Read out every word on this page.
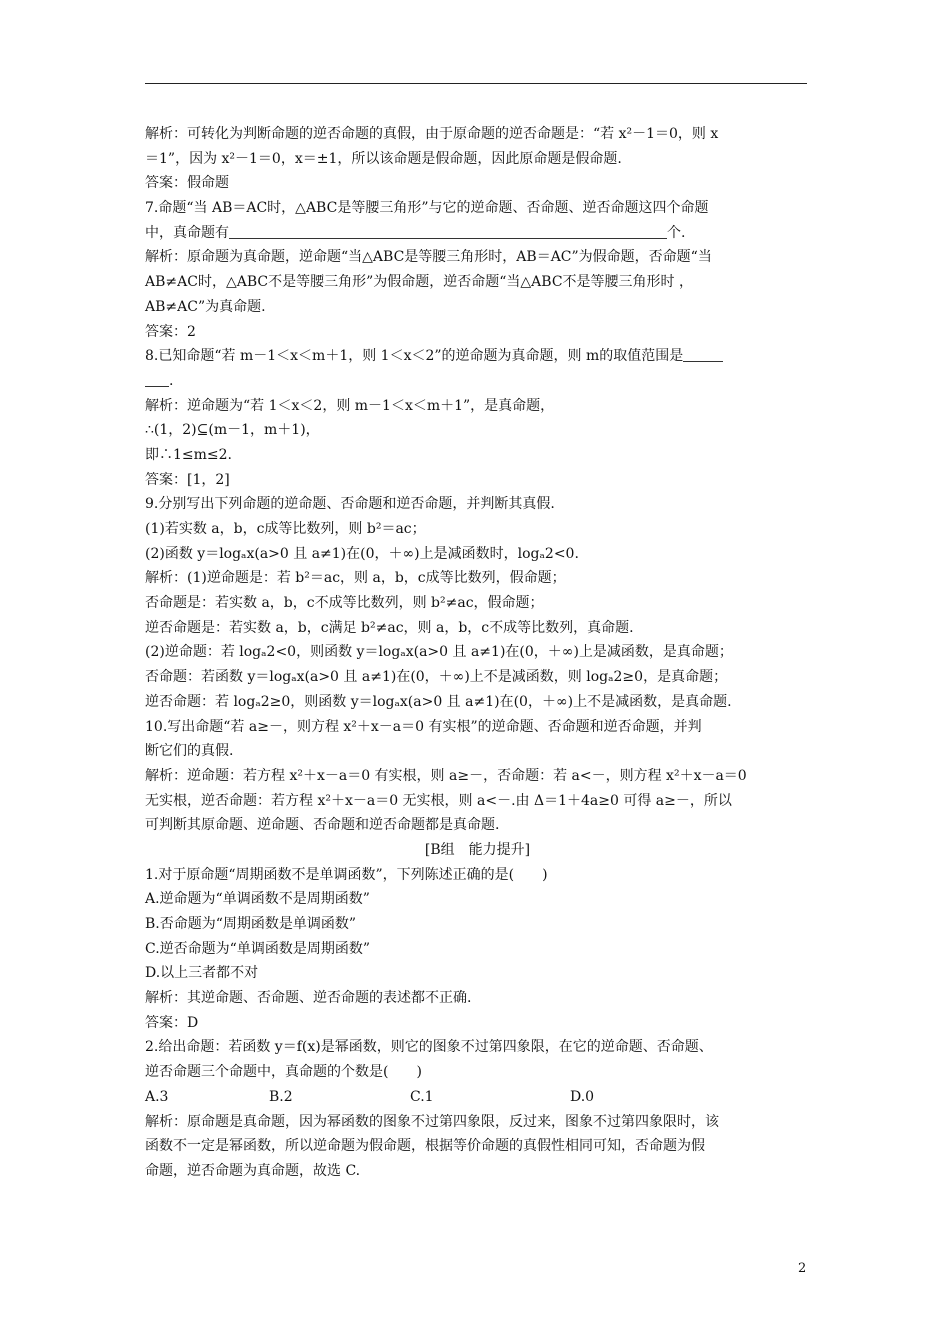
解析：可转化为判断命题的逆否命题的真假，由于原命题的逆否命题是：“若 x²－1＝0，则 x
＝1”，因为 x²－1＝0，x＝±1，所以该命题是假命题，因此原命题是假命题.
答案：假命题
7.命题“当 AB＝AC时，△ABC是等腰三角形”与它的逆命题、否命题、逆否命题这四个命题
中，真命题有	个.
解析：原命题为真命题，逆命题“当△ABC是等腰三角形时，AB＝AC”为假命题，否命题“当
AB≠AC时，△ABC不是等腰三角形”为假命题，逆否命题“当△ABC不是等腰三角形时 ，
AB≠AC”为真命题.
答案：2
8.已知命题“若 m－1＜x＜m＋1，则 1＜x＜2”的逆命题为真命题，则 m的取值范围是
.
解析：逆命题为“若 1＜x＜2，则 m－1＜x＜m＋1”，是真命题，
∴(1，2)⊆(m－1，m＋1)，
即∴1≤m≤2.
答案：[1，2]
9.分别写出下列命题的逆命题、否命题和逆否命题，并判断其真假.
(1)若实数 a，b，c成等比数列，则 b²＝ac；
(2)函数 y＝logₐx(a>0 且 a≠1)在(0，＋∞)上是减函数时，logₐ2<0.
解析：(1)逆命题是：若 b²＝ac，则 a，b，c成等比数列，假命题；
否命题是：若实数 a，b，c不成等比数列，则 b²≠ac，假命题；
逆否命题是：若实数 a，b，c满足 b²≠ac，则 a，b，c不成等比数列，真命题.
(2)逆命题：若 logₐ2<0，则函数 y＝logₐx(a>0 且 a≠1)在(0，＋∞)上是减函数，是真命题；
否命题：若函数 y＝logₐx(a>0 且 a≠1)在(0，＋∞)上不是减函数，则 logₐ2≥0，是真命题；
逆否命题：若 logₐ2≥0，则函数 y＝logₐx(a>0 且 a≠1)在(0，＋∞)上不是减函数，是真命题.
10.写出命题“若 a≥－，则方程 x²＋x－a＝0 有实根”的逆命题、否命题和逆否命题，并判
断它们的真假.
解析：逆命题：若方程 x²＋x－a＝0 有实根，则 a≥－，否命题：若 a<－，则方程 x²＋x－a＝0
无实根，逆否命题：若方程 x²＋x－a＝0 无实根，则 a<－.由 Δ＝1＋4a≥0 可得 a≥－，所以
可判断其原命题、逆命题、否命题和逆否命题都是真命题.
[B组　能力提升]
1.对于原命题“周期函数不是单调函数”，下列陈述正确的是(　　)
A.逆命题为“单调函数不是周期函数”
B.否命题为“周期函数是单调函数”
C.逆否命题为“单调函数是周期函数”
D.以上三者都不对
解析：其逆命题、否命题、逆否命题的表述都不正确.
答案：D
2.给出命题：若函数 y＝f(x)是幂函数，则它的图象不过第四象限，在它的逆命题、否命题、
逆否命题三个命题中，真命题的个数是(　　)
A.3	B.2	C.1	D.0
解析：原命题是真命题，因为幂函数的图象不过第四象限，反过来，图象不过第四象限时，该
函数不一定是幂函数，所以逆命题为假命题，根据等价命题的真假性相同可知，否命题为假
命题，逆否命题为真命题，故选 C.
2
